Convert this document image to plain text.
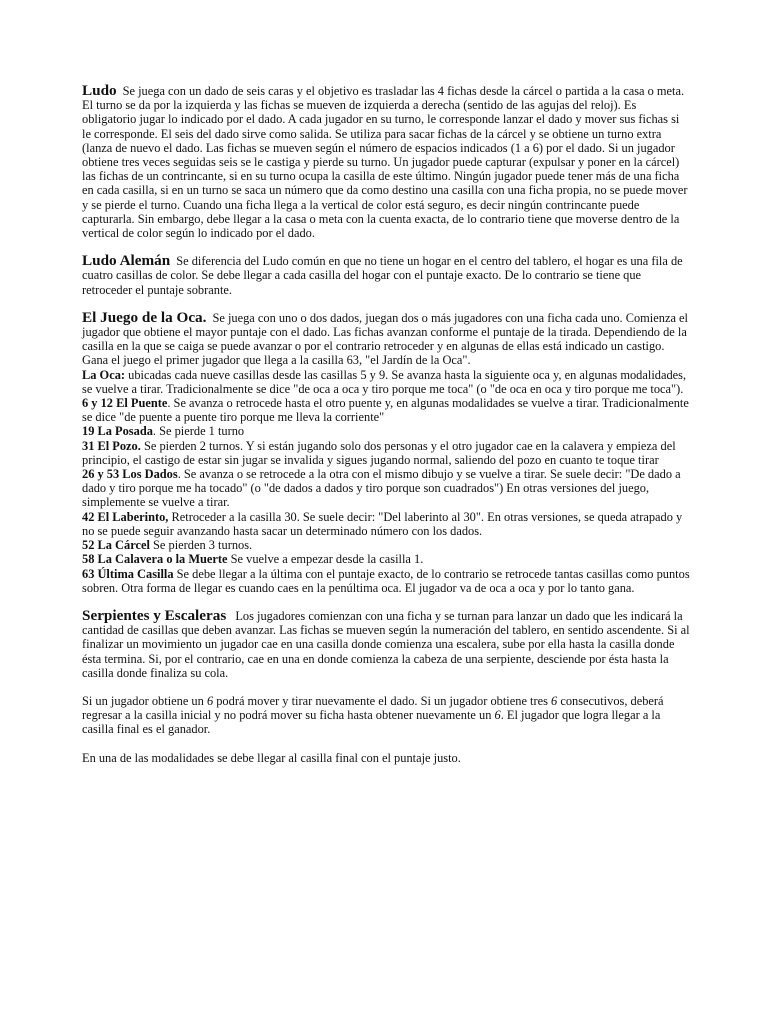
Ludo Se juega con un dado de seis caras y el objetivo es trasladar las 4 fichas desde la cárcel o partida a la casa o meta. El turno se da por la izquierda y las fichas se mueven de izquierda a derecha (sentido de las agujas del reloj). Es obligatorio jugar lo indicado por el dado. A cada jugador en su turno, le corresponde lanzar el dado y mover sus fichas si le corresponde. El seis del dado sirve como salida. Se utiliza para sacar fichas de la cárcel y se obtiene un turno extra (lanza de nuevo el dado. Las fichas se mueven según el número de espacios indicados (1 a 6) por el dado. Si un jugador obtiene tres veces seguidas seis se le castiga y pierde su turno. Un jugador puede capturar (expulsar y poner en la cárcel) las fichas de un contrincante, si en su turno ocupa la casilla de este último. Ningún jugador puede tener más de una ficha en cada casilla, si en un turno se saca un número que da como destino una casilla con una ficha propia, no se puede mover y se pierde el turno. Cuando una ficha llega a la vertical de color está seguro, es decir ningún contrincante puede capturarla. Sin embargo, debe llegar a la casa o meta con la cuenta exacta, de lo contrario tiene que moverse dentro de la vertical de color según lo indicado por el dado.
Ludo Alemán Se diferencia del Ludo común en que no tiene un hogar en el centro del tablero, el hogar es una fila de cuatro casillas de color. Se debe llegar a cada casilla del hogar con el puntaje exacto. De lo contrario se tiene que retroceder el puntaje sobrante.
El Juego de la Oca. Se juega con uno o dos dados, juegan dos o más jugadores con una ficha cada uno. Comienza el jugador que obtiene el mayor puntaje con el dado. Las fichas avanzan conforme el puntaje de la tirada. Dependiendo de la casilla en la que se caiga se puede avanzar o por el contrario retroceder y en algunas de ellas está indicado un castigo. Gana el juego el primer jugador que llega a la casilla 63, "el Jardín de la Oca".
La Oca: ubicadas cada nueve casillas desde las casillas 5 y 9. Se avanza hasta la siguiente oca y, en algunas modalidades, se vuelve a tirar. Tradicionalmente se dice "de oca a oca y tiro porque me toca" (o "de oca en oca y tiro porque me toca").
6 y 12 El Puente. Se avanza o retrocede hasta el otro puente y, en algunas modalidades se vuelve a tirar. Tradicionalmente se dice "de puente a puente tiro porque me lleva la corriente"
19 La Posada. Se pierde 1 turno
31 El Pozo. Se pierden 2 turnos. Y si están jugando solo dos personas y el otro jugador cae en la calavera y empieza del principio, el castigo de estar sin jugar se invalida y sigues jugando normal, saliendo del pozo en cuanto te toque tirar
26 y 53 Los Dados. Se avanza o se retrocede a la otra con el mismo dibujo y se vuelve a tirar. Se suele decir: "De dado a dado y tiro porque me ha tocado" (o "de dados a dados y tiro porque son cuadrados") En otras versiones del juego, simplemente se vuelve a tirar.
42 El Laberinto, Retroceder a la casilla 30. Se suele decir: "Del laberinto al 30". En otras versiones, se queda atrapado y no se puede seguir avanzando hasta sacar un determinado número con los dados.
52 La Cárcel Se pierden 3 turnos.
58 La Calavera o la Muerte Se vuelve a empezar desde la casilla 1.
63 Última Casilla Se debe llegar a la última con el puntaje exacto, de lo contrario se retrocede tantas casillas como puntos sobren. Otra forma de llegar es cuando caes en la penúltima oca. El jugador va de oca a oca y por lo tanto gana.
Serpientes y Escaleras Los jugadores comienzan con una ficha y se turnan para lanzar un dado que les indicará la cantidad de casillas que deben avanzar. Las fichas se mueven según la numeración del tablero, en sentido ascendente. Si al finalizar un movimiento un jugador cae en una casilla donde comienza una escalera, sube por ella hasta la casilla donde ésta termina. Si, por el contrario, cae en una en donde comienza la cabeza de una serpiente, desciende por ésta hasta la casilla donde finaliza su cola.
Si un jugador obtiene un 6 podrá mover y tirar nuevamente el dado. Si un jugador obtiene tres 6 consecutivos, deberá regresar a la casilla inicial y no podrá mover su ficha hasta obtener nuevamente un 6. El jugador que logra llegar a la casilla final es el ganador.
En una de las modalidades se debe llegar al casilla final con el puntaje justo.
